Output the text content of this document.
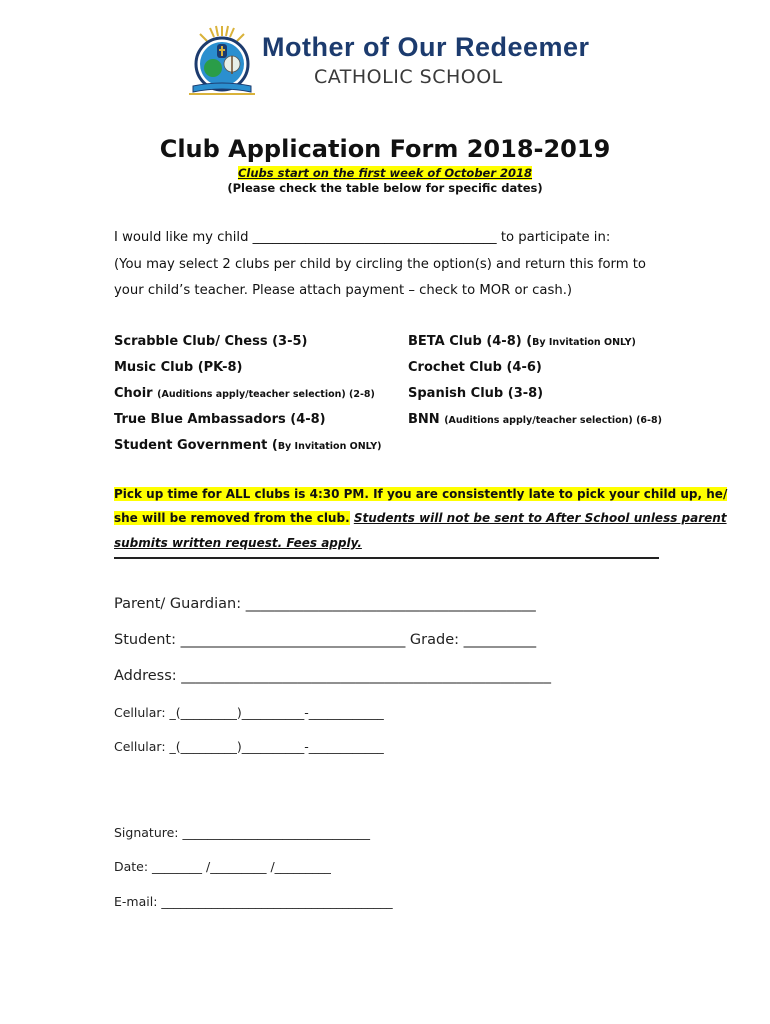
Mother of Our Redeemer
CATHOLIC SCHOOL
Club Application Form 2018-2019
Clubs start on the first week of October 2018
(Please check the table below for specific dates)
I would like my child _____________________________________ to participate in:
(You may select 2 clubs per child by circling the option(s) and return this form to
your child’s teacher. Please attach payment – check to MOR or cash.)
Scrabble Club/ Chess (3-5)
Music Club (PK-8)
Choir (Auditions apply/teacher selection) (2-8)
True Blue Ambassadors (4-8)
Student Government (By Invitation ONLY)
BETA Club (4-8) (By Invitation ONLY)
Crochet Club (4-6)
Spanish Club (3-8)
BNN (Auditions apply/teacher selection) (6-8)
Pick up time for ALL clubs is 4:30 PM. If you are consistently late to pick your child up, he/
she will be removed from the club. Students will not be sent to After School unless parent
submits written request. Fees apply.
Parent/ Guardian: ________________________________________
Student: _______________________________ Grade: __________
Address: ___________________________________________________
Cellular: _(_________)__________-____________
Cellular: _(_________)__________-____________
Signature: ______________________________
Date: ________ /_________ /_________
E-mail: _____________________________________
